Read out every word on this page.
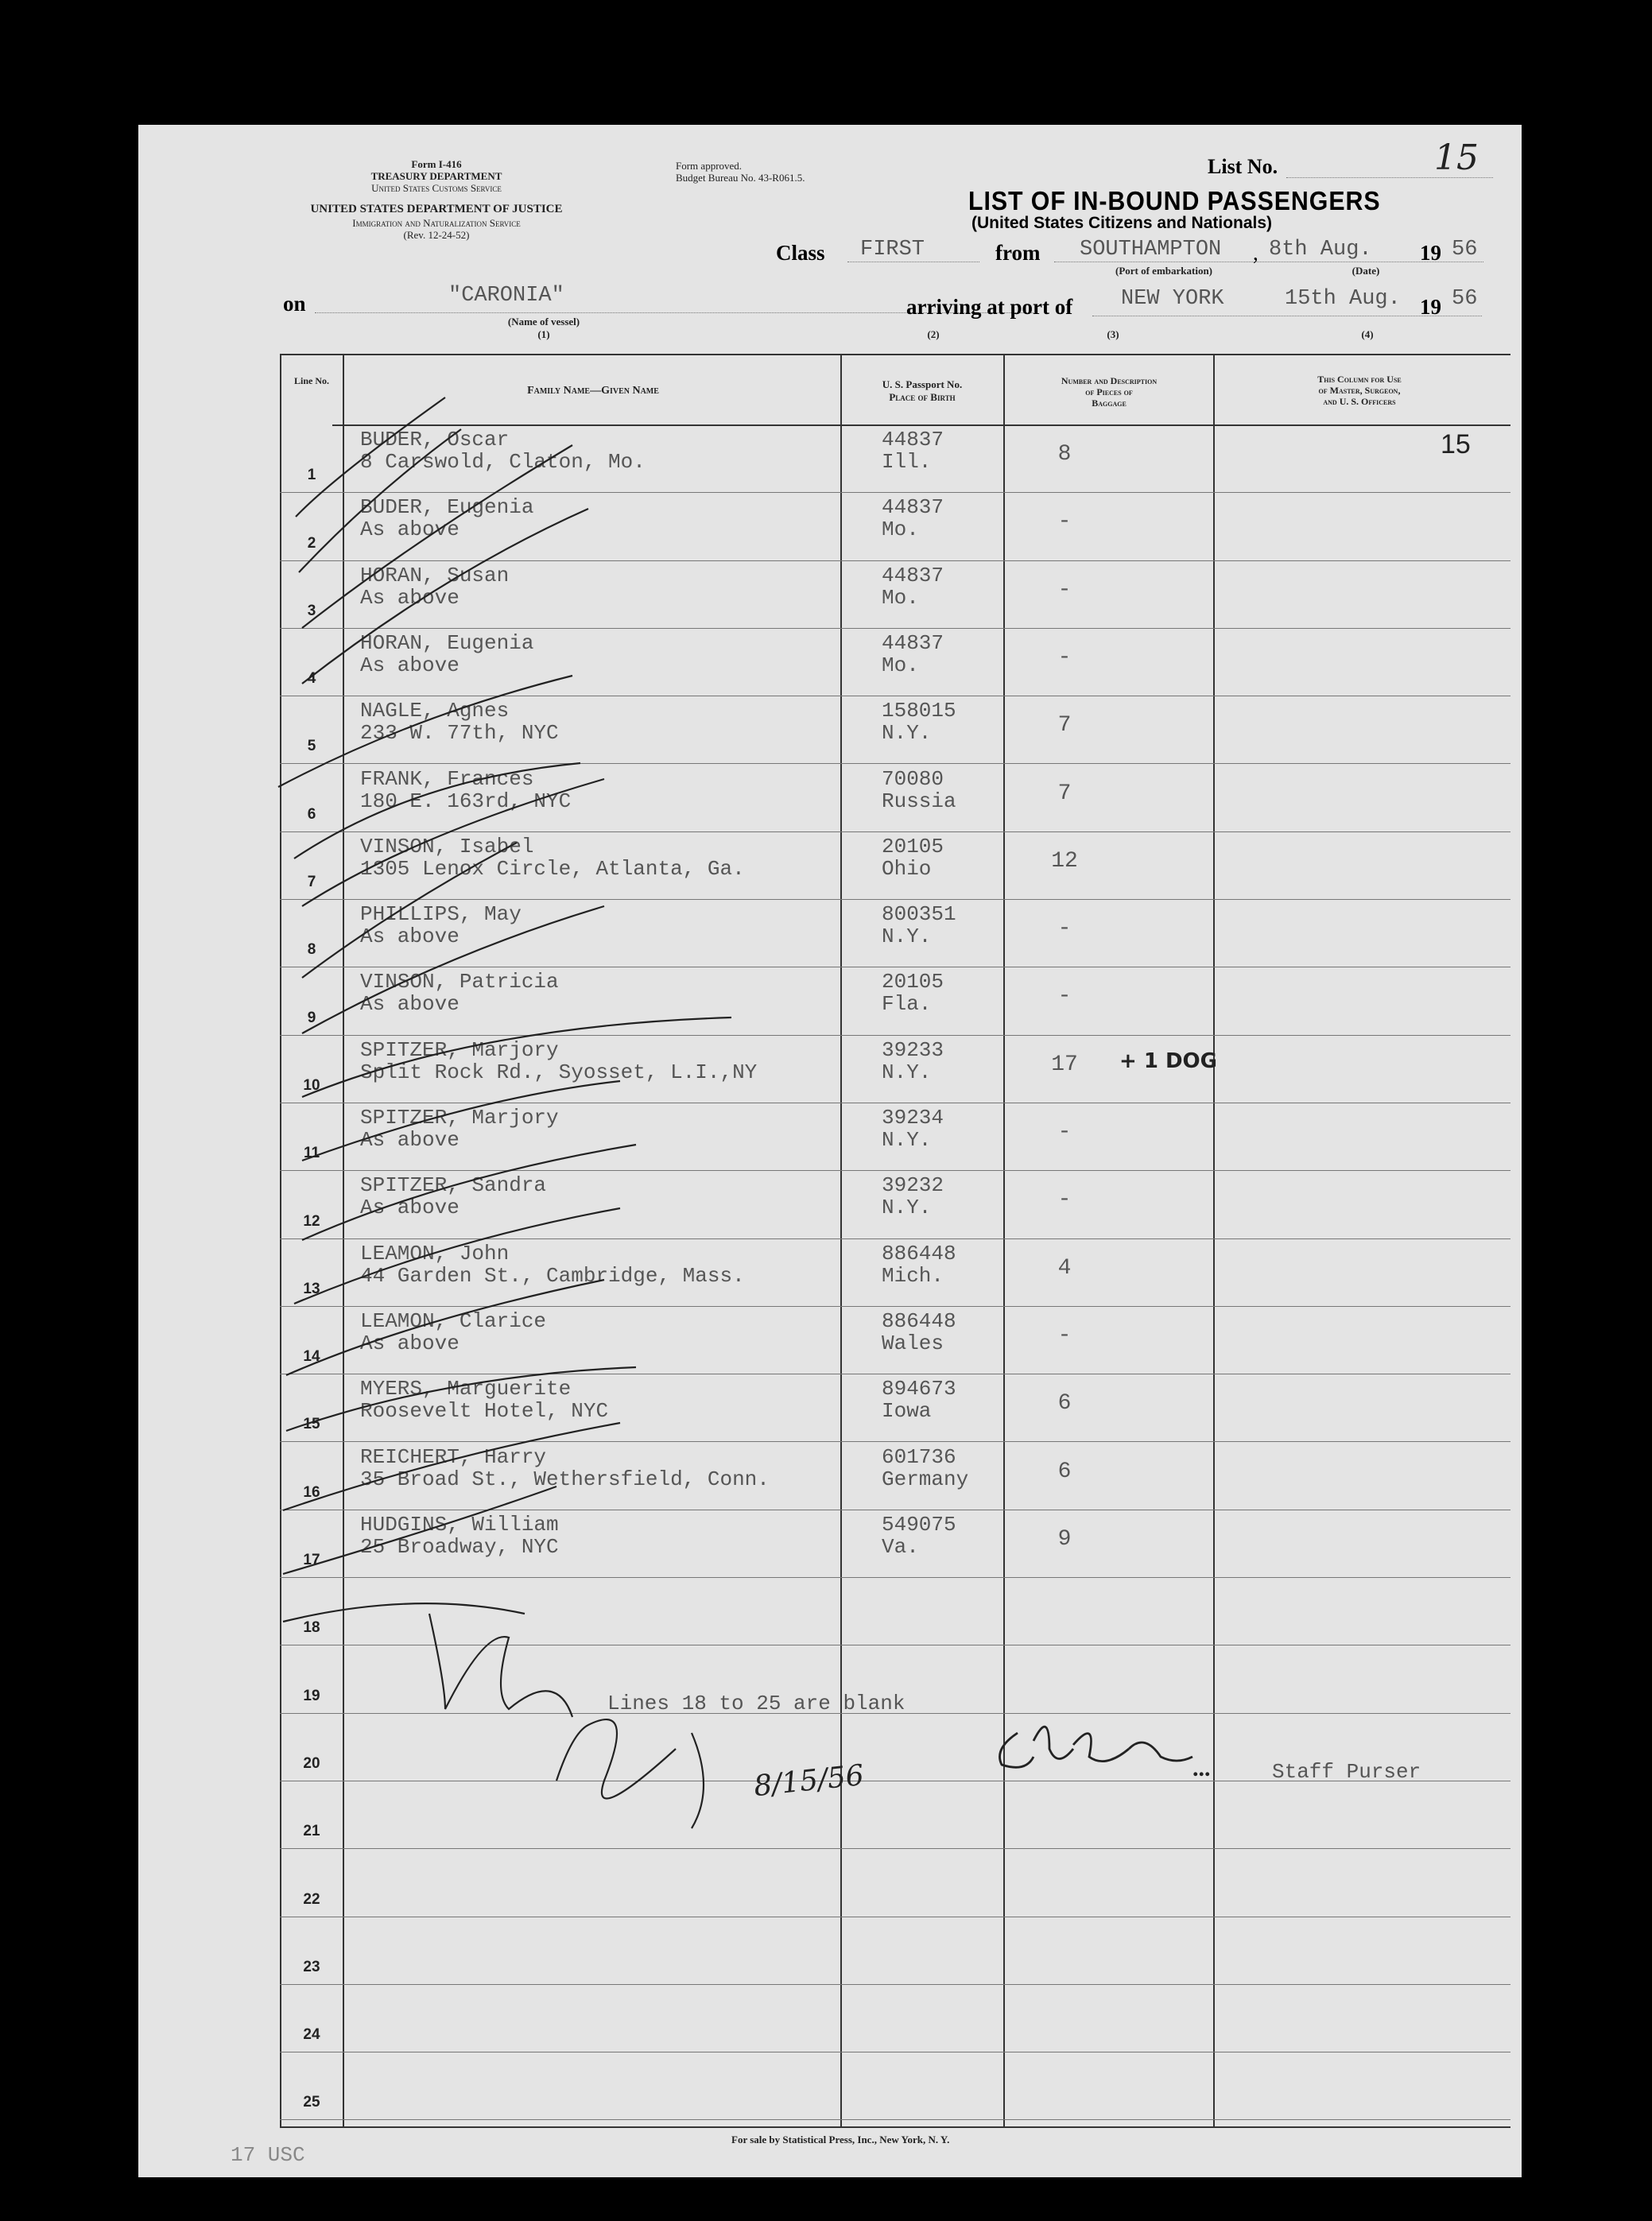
Form I-416
TREASURY DEPARTMENT
United States Customs Service
UNITED STATES DEPARTMENT OF JUSTICE
Immigration and Naturalization Service
(Rev. 12-24-52)
Form approved.
Budget Bureau No. 43-R061.5.	List No.	15
LIST OF IN-BOUND PASSENGERS
(United States Citizens and Nationals)
Class FIRST	from SOUTHAMPTON , 8th Aug. 19 56
(Port of embarkation)	(Date)
on	"CARONIA"
(Name of vessel)
(1)
arriving at port of NEW YORK	15th Aug. 19 56
(2)	(3)	(4)
Line No.
Family Name—Given Name
U. S. Passport No.
Place of Birth
Number and Description
of Pieces of
Baggage
This Column for Use
of Master, Surgeon,
and U. S. Officers
1
BUDER, Oscar
8 Carswold, Claton, Mo.
44837
Ill.	8	15
2
BUDER, Eugenia
As above
44837
Mo.	-
3
HORAN, Susan
As above
44837
Mo.	-
4
HORAN, Eugenia
As above
44837
Mo.	-
5
NAGLE, Agnes
233 W. 77th, NYC
158015
N.Y.	7
6
FRANK, Frances
180 E. 163rd, NYC
70080
Russia	7
7
VINSON, Isabel
1305 Lenox Circle, Atlanta, Ga.
20105
Ohio	12
8
PHILLIPS, May
As above
800351
N.Y.	-
9
VINSON, Patricia
As above
20105
Fla.	-
10
SPITZER, Marjory
Split Rock Rd., Syosset, L.I.,NY
39233
N.Y.	17	+ 1 DOG
11
SPITZER, Marjory
As above
39234
N.Y.	-
12
SPITZER, Sandra
As above
39232
N.Y.	-
13
LEAMON, John
44 Garden St., Cambridge, Mass.
886448
Mich.	4
14
LEAMON, Clarice
As above
886448
Wales	-
15
MYERS, Marguerite
Roosevelt Hotel, NYC
894673
Iowa	6
16
REICHERT, Harry
35 Broad St., Wethersfield, Conn.
601736
Germany	6
17
HUDGINS, William
25 Broadway, NYC
549075
Va.	9
18
19
20
21
22
23
24
25
8/15/56
Lines 18 to 25 are blank
...	Staff Purser
For sale by Statistical Press, Inc., New York, N. Y.
17 USC
